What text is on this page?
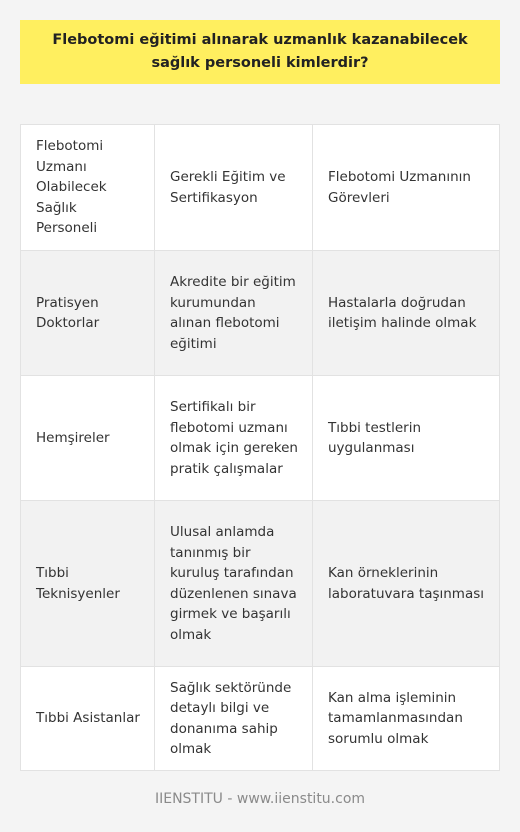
Flebotomi eğitimi alınarak uzmanlık kazanabilecek sağlık personeli kimlerdir?
Flebotomi Uzmanı Olabilecek Sağlık Personeli
Gerekli Eğitim ve Sertifikasyon
Flebotomi Uzmanının Görevleri
Pratisyen Doktorlar
Akredite bir eğitim kurumundan alınan flebotomi eğitimi
Hastalarla doğrudan iletişim halinde olmak
Hemşireler
Sertifikalı bir flebotomi uzmanı olmak için gereken pratik çalışmalar
Tıbbi testlerin uygulanması
Tıbbi Teknisyenler
Ulusal anlamda tanınmış bir kuruluş tarafından düzenlenen sınava girmek ve başarılı olmak
Kan örneklerinin laboratuvara taşınması
Tıbbi Asistanlar
Sağlık sektöründe detaylı bilgi ve donanıma sahip olmak
Kan alma işleminin tamamlanmasından sorumlu olmak
IIENSTITU - www.iienstitu.com
